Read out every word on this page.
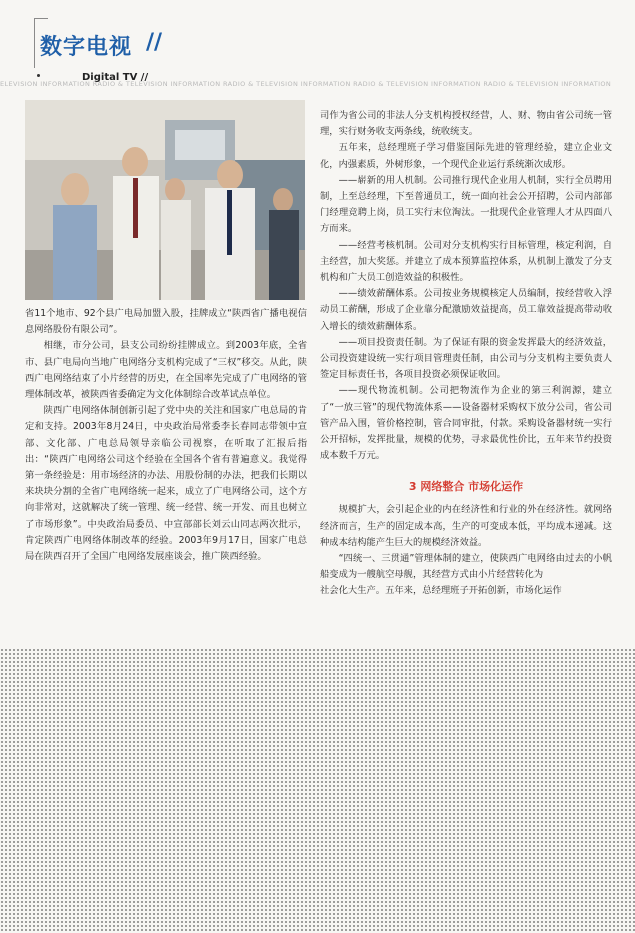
数字电视 //
Digital TV //
ELEVISION INFORMATION RADIO & TELEVISION INFORMATION RADIO & TELEVISION INFORMATION RADIO & TELEVISION INFORMATION RADIO & TELEVISION INFORMATION

省11个地市、92个县广电局加盟入股，挂牌成立“陕西省广播电视信息网络股份有限公司”。

相继，市分公司，县支公司纷纷挂牌成立。到2003年底，全省市、县广电局向当地广电网络分支机构完成了“三权”移交。从此，陕西广电网络结束了小片经营的历史，在全国率先完成了广电网络的管理体制改革，被陕西省委确定为文化体制综合改革试点单位。

陕西广电网络体制创新引起了党中央的关注和国家广电总局的肯定和支持。2003年8月24日，中央政治局常委李长春同志带领中宣部、文化部、广电总局领导亲临公司视察，在听取了汇报后指出：“陕西广电网络公司这个经验在全国各个省有普遍意义。我觉得第一条经验是：用市场经济的办法、用股份制的办法，把我们长期以来块块分割的全省广电网络统一起来，成立了广电网络公司，这个方向非常对，这就解决了统一管理、统一经营、统一开发、而且也树立了市场形象”。中央政治局委员、中宣部部长刘云山同志两次批示，肯定陕西广电网络体制改革的经验。2003年9月17日，国家广电总局在陕西召开了全国广电网络发展座谈会，推广陕西经验。

司作为省公司的非法人分支机构授权经营，人、财、物由省公司统一管理，实行财务收支两条线，统收统支。

五年来，总经理班子学习借鉴国际先进的管理经验，建立企业文化，内强素质，外树形象，一个现代企业运行系统渐次成形。

——崭新的用人机制。公司推行现代企业用人机制，实行全员聘用制，上至总经理，下至普通员工，统一面向社会公开招聘，公司内部部门经理竞聘上岗，员工实行末位淘汰。一批现代企业管理人才从四面八方而来。

——经营考核机制。公司对分支机构实行目标管理，核定利润，自主经营，加大奖惩。并建立了成本预算监控体系，从机制上激发了分支机构和广大员工创造效益的积极性。

——绩效薪酬体系。公司按业务规模核定人员编制，按经营收入浮动员工薪酬，形成了企业靠分配激励效益提高，员工靠效益提高带动收入增长的绩效薪酬体系。

——项目投资责任制。为了保证有限的资金发挥最大的经济效益，公司投资建设统一实行项目管理责任制，由公司与分支机构主要负责人签定目标责任书，各项目投资必须保证收回。

——现代物流机制。公司把物流作为企业的第三利润源，建立了“一放三管”的现代物流体系——设备器材采购权下放分公司，省公司管产品入围，管价格控制，管合同审批，付款。采购设备器材统一实行公开招标，发挥批量，规模的优势，寻求最优性价比，五年来节约投资成本数千万元。

3 网络整合 市场化运作

规模扩大，会引起企业的内在经济性和行业的外在经济性。就网络经济而言，生产的固定成本高，生产的可变成本低，平均成本递减。这种成本结构能产生巨大的规模经济效益。

“四统一、三贯通”管理体制的建立，使陕西广电网络由过去的小帆船变成为一艘航空母舰，其经营方式由小片经营转化为

社会化大生产。五年来，总经理班子开拓创新，市场化运作
